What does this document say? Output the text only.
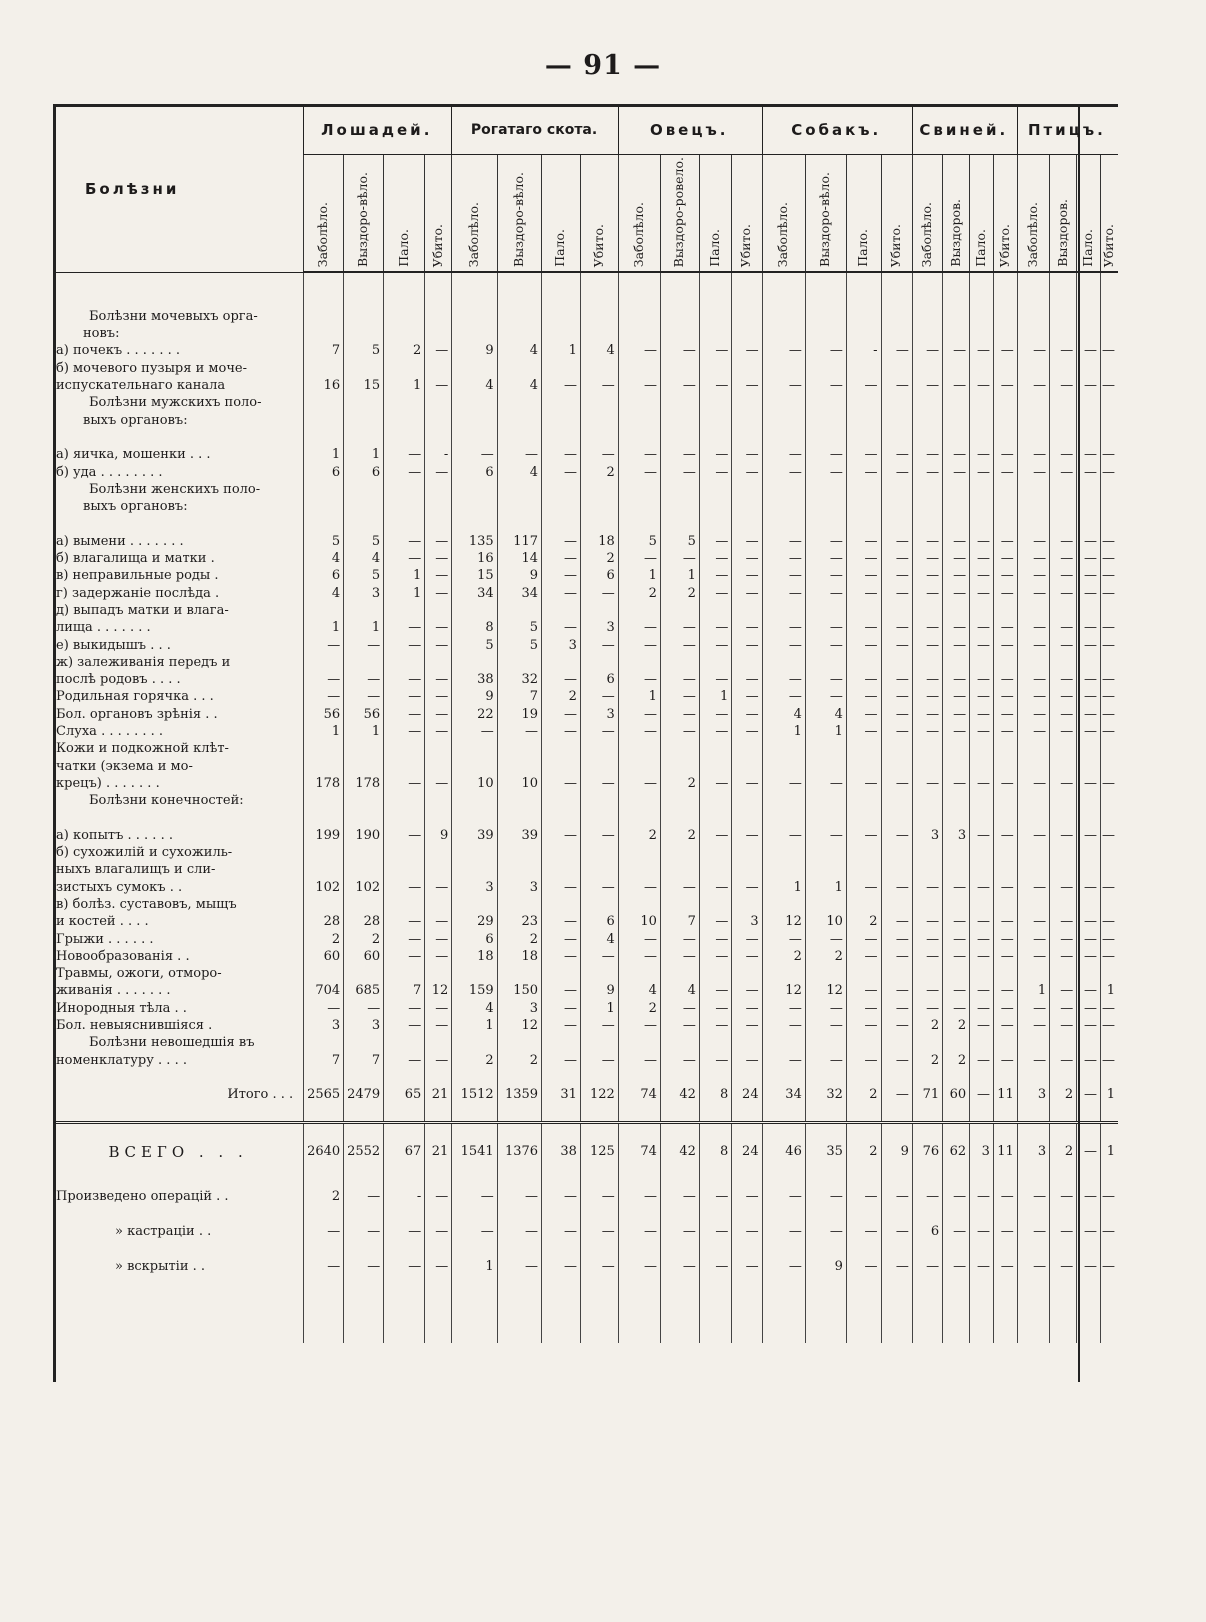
— 91 —
Болѣзни	Лошадей.				Рогатаго скота.				Овецъ.				Собакъ.				Свиней.				Птицъ.			
	Заболѣло.	Выздоро-вѣло.	Пало.	Убито.	Заболѣло.	Выздоро-вѣло.	Пало.	Убито.	Заболѣло.	Выздоро-ровело.	Пало.	Убито.	Заболѣло.	Выздоро-вѣло.	Пало.	Убито.	Заболѣло.	Выздоров.	Пало.	Убито.	Заболѣло.	Выздоров.	Пало.	Убито.

Болѣзни мочевыхъ орга-																								
новъ:																								
а) почекъ . . . . . . .	7	5	2	—	9	4	1	4	—	—	—	—	—	—	-	—	—	—	—	—	—	—	—	—
б) мочевого пузыря и моче-																								
испускательнаго канала	16	15	1	—	4	4	—	—	—	—	—	—	—	—	—	—	—	—	—	—	—	—	—	—
Болѣзни мужскихъ поло-																								
выхъ органовъ:																								

а) яичка, мошенки . . .	1	1	—	-	—	—	—	—	—	—	—	—	—	—	—	—	—	—	—	—	—	—	—	—
б) уда . . . . . . . .	6	6	—	—	6	4	—	2	—	—	—	—	—	—	—	—	—	—	—	—	—	—	—	—
Болѣзни женскихъ поло-																								
выхъ органовъ:																								

а) вымени . . . . . . .	5	5	—	—	135	117	—	18	5	5	—	—	—	—	—	—	—	—	—	—	—	—	—	—
б) влагалища и матки .	4	4	—	—	16	14	—	2	—	—	—	—	—	—	—	—	—	—	—	—	—	—	—	—
в) неправильные роды .	6	5	1	—	15	9	—	6	1	1	—	—	—	—	—	—	—	—	—	—	—	—	—	—
г) задержаніе послѣда .	4	3	1	—	34	34	—	—	2	2	—	—	—	—	—	—	—	—	—	—	—	—	—	—
д) выпадъ матки и влага-																								
лища . . . . . . .	1	1	—	—	8	5	—	3	—	—	—	—	—	—	—	—	—	—	—	—	—	—	—	—
е) выкидышъ . . .	—	—	—	—	5	5	3	—	—	—	—	—	—	—	—	—	—	—	—	—	—	—	—	—
ж) залеживанія передъ и																								
послѣ родовъ . . . .	—	—	—	—	38	32	—	6	—	—	—	—	—	—	—	—	—	—	—	—	—	—	—	—
Родильная горячка . . .	—	—	—	—	9	7	2	—	1	—	1	—	—	—	—	—	—	—	—	—	—	—	—	—
Бол. органовъ зрѣнія . .	56	56	—	—	22	19	—	3	—	—	—	—	4	4	—	—	—	—	—	—	—	—	—	—
Слуха . . . . . . . .	1	1	—	—	—	—	—	—	—	—	—	—	1	1	—	—	—	—	—	—	—	—	—	—
Кожи и подкожной клѣт-																								
чатки (экзема и мо-																								
крецъ) . . . . . . .	178	178	—	—	10	10	—	—	—	2	—	—	—	—	—	—	—	—	—	—	—	—	—	—
Болѣзни конечностей:																								

а) копытъ . . . . . .	199	190	—	9	39	39	—	—	2	2	—	—	—	—	—	—	3	3	—	—	—	—	—	—
б) сухожилій и сухожиль-																								
ныхъ влагалищъ и сли-																								
зистыхъ сумокъ . .	102	102	—	—	3	3	—	—	—	—	—	—	1	1	—	—	—	—	—	—	—	—	—	—
в) болѣз. суставовъ, мыщъ																								
и костей . . . .	28	28	—	—	29	23	—	6	10	7	—	3	12	10	2	—	—	—	—	—	—	—	—	—
Грыжи . . . . . .	2	2	—	—	6	2	—	4	—	—	—	—	—	—	—	—	—	—	—	—	—	—	—	—
Новообразованія . .	60	60	—	—	18	18	—	—	—	—	—	—	2	2	—	—	—	—	—	—	—	—	—	—
Травмы, ожоги, отморо-																								
живанія . . . . . . .	704	685	7	12	159	150	—	9	4	4	—	—	12	12	—	—	—	—	—	—	1	—	—	1
Инородныя тѣла . .	—	—	—	—	4	3	—	1	2	—	—	—	—	—	—	—	—	—	—	—	—	—	—	—
Бол. невыяснившіяся .	3	3	—	—	1	12	—	—	—	—	—	—	—	—	—	—	2	2	—	—	—	—	—	—
Болѣзни невошедшія въ																								
номенклатуру . . . .	7	7	—	—	2	2	—	—	—	—	—	—	—	—	—	—	2	2	—	—	—	—	—	—
Итого . . .	2565	2479	65	21	1512	1359	31	122	74	42	8	24	34	32	2	—	71	60	—	11	3	2	—	1
ВСЕГО . . .	2640	2552	67	21	1541	1376	38	125	74	42	8	24	46	35	2	9	76	62	3	11	3	2	—	1
Произведено операцій . .	2	—	-	—	—	—	—	—	—	—	—	—	—	—	—	—	—	—	—	—	—	—	—	—
» кастраціи . .	—	—	—	—	—	—	—	—	—	—	—	—	—	—	—	—	6	—	—	—	—	—	—	—
» вскрытіи . .	—	—	—	—	1	—	—	—	—	—	—	—	—	9	—	—	—	—	—	—	—	—	—	—
